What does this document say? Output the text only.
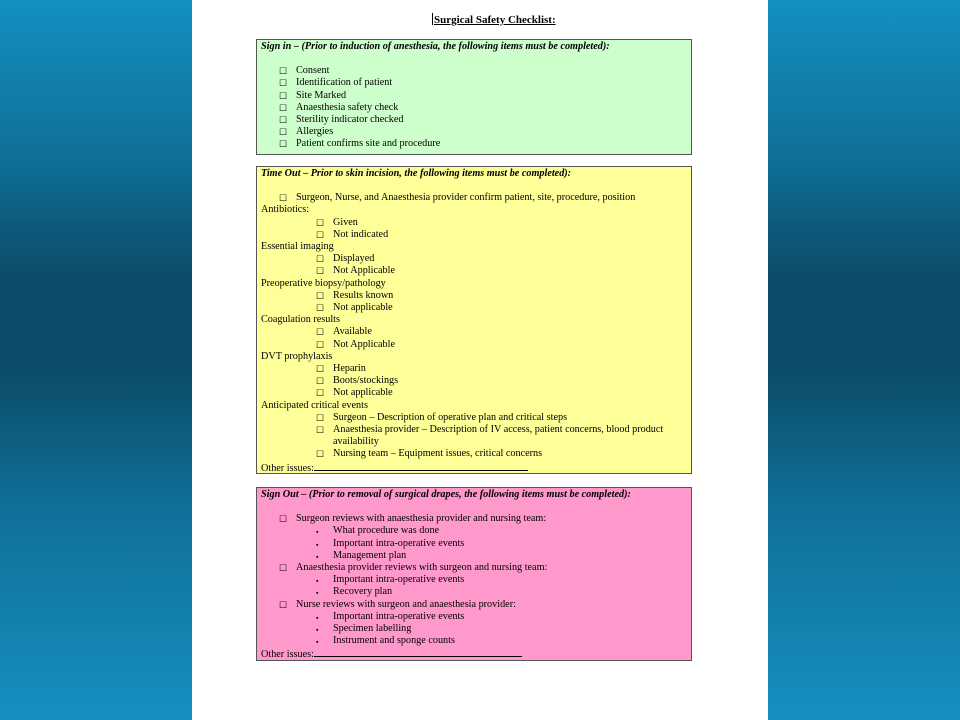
Surgical Safety Checklist:
Sign in – (Prior to induction of anesthesia, the following items must be completed):
☐ Consent
☐ Identification of patient
☐ Site Marked
☐ Anaesthesia safety check
☐ Sterility indicator checked
☐ Allergies
☐ Patient confirms site and procedure
Time Out – Prior to skin incision, the following items must be completed):
☐ Surgeon, Nurse, and Anaesthesia provider confirm patient, site, procedure, position
Antibiotics:
☐ Given
☐ Not indicated
Essential imaging
☐ Displayed
☐ Not Applicable
Preoperative biopsy/pathology
☐ Results known
☐ Not applicable
Coagulation results
☐ Available
☐ Not Applicable
DVT prophylaxis
☐ Heparin
☐ Boots/stockings
☐ Not applicable
Anticipated critical events
☐ Surgeon – Description of operative plan and critical steps
☐ Anaesthesia provider – Description of IV access, patient concerns, blood product availability
☐ Nursing team – Equipment issues, critical concerns
Other issues:
Sign Out – (Prior to removal of surgical drapes, the following items must be completed):
☐ Surgeon reviews with anaesthesia provider and nursing team:
▪ What procedure was done
▪ Important intra-operative events
▪ Management plan
☐ Anaesthesia provider reviews with surgeon and nursing team:
▪ Important intra-operative events
▪ Recovery plan
☐ Nurse reviews with surgeon and anaesthesia provider:
▪ Important intra-operative events
▪ Specimen labelling
▪ Instrument and sponge counts
Other issues:
